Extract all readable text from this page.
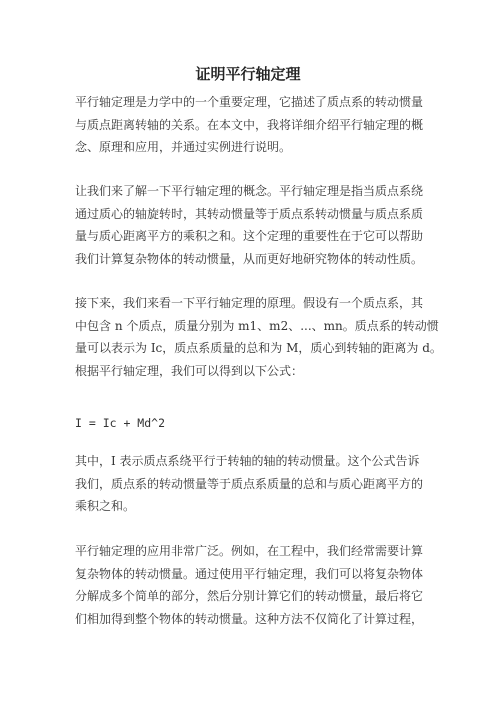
证明平行轴定理
平行轴定理是力学中的一个重要定理，它描述了质点系的转动惯量
与质点距离转轴的关系。在本文中，我将详细介绍平行轴定理的概
念、原理和应用，并通过实例进行说明。
让我们来了解一下平行轴定理的概念。平行轴定理是指当质点系绕
通过质心的轴旋转时，其转动惯量等于质点系转动惯量与质点系质
量与质心距离平方的乘积之和。这个定理的重要性在于它可以帮助
我们计算复杂物体的转动惯量，从而更好地研究物体的转动性质。
接下来，我们来看一下平行轴定理的原理。假设有一个质点系，其
中包含 n 个质点，质量分别为 m1、m2、...、mn。质点系的转动惯
量可以表示为 Ic，质点系质量的总和为 M，质心到转轴的距离为 d。
根据平行轴定理，我们可以得到以下公式：
I = Ic + Md^2
其中，I 表示质点系绕平行于转轴的轴的转动惯量。这个公式告诉
我们，质点系的转动惯量等于质点系质量的总和与质心距离平方的
乘积之和。
平行轴定理的应用非常广泛。例如，在工程中，我们经常需要计算
复杂物体的转动惯量。通过使用平行轴定理，我们可以将复杂物体
分解成多个简单的部分，然后分别计算它们的转动惯量，最后将它
们相加得到整个物体的转动惯量。这种方法不仅简化了计算过程，
